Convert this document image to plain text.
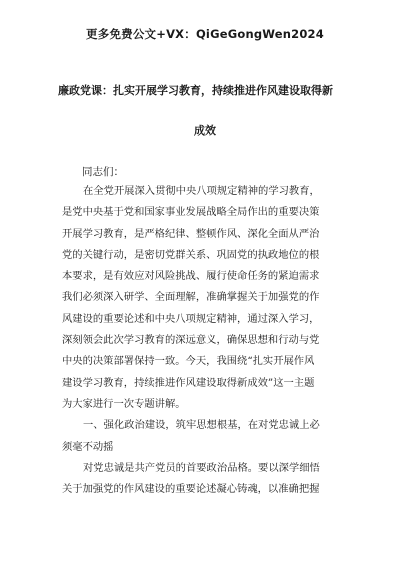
更多免费公文+VX：QiGeGongWen2024
廉政党课：扎实开展学习教育，持续推进作风建设取得新
成效
同志们：
在全党开展深入贯彻中央八项规定精神的学习教育，
是党中央基于党和国家事业发展战略全局作出的重要决策
开展学习教育，是严格纪律、整顿作风、深化全面从严治
党的关键行动，是密切党群关系、巩固党的执政地位的根
本要求，是有效应对风险挑战、履行使命任务的紧迫需求
我们必须深入研学、全面理解，准确掌握关于加强党的作
风建设的重要论述和中央八项规定精神，通过深入学习，
深刻领会此次学习教育的深远意义，确保思想和行动与党
中央的决策部署保持一致。今天，我围绕“扎实开展作风
建设学习教育，持续推进作风建设取得新成效”这一主题
为大家进行一次专题讲解。
一、强化政治建设，筑牢思想根基，在对党忠诚上必
须毫不动摇
对党忠诚是共产党员的首要政治品格。要以深学细悟
关于加强党的作风建设的重要论述凝心铸魂，以准确把握
